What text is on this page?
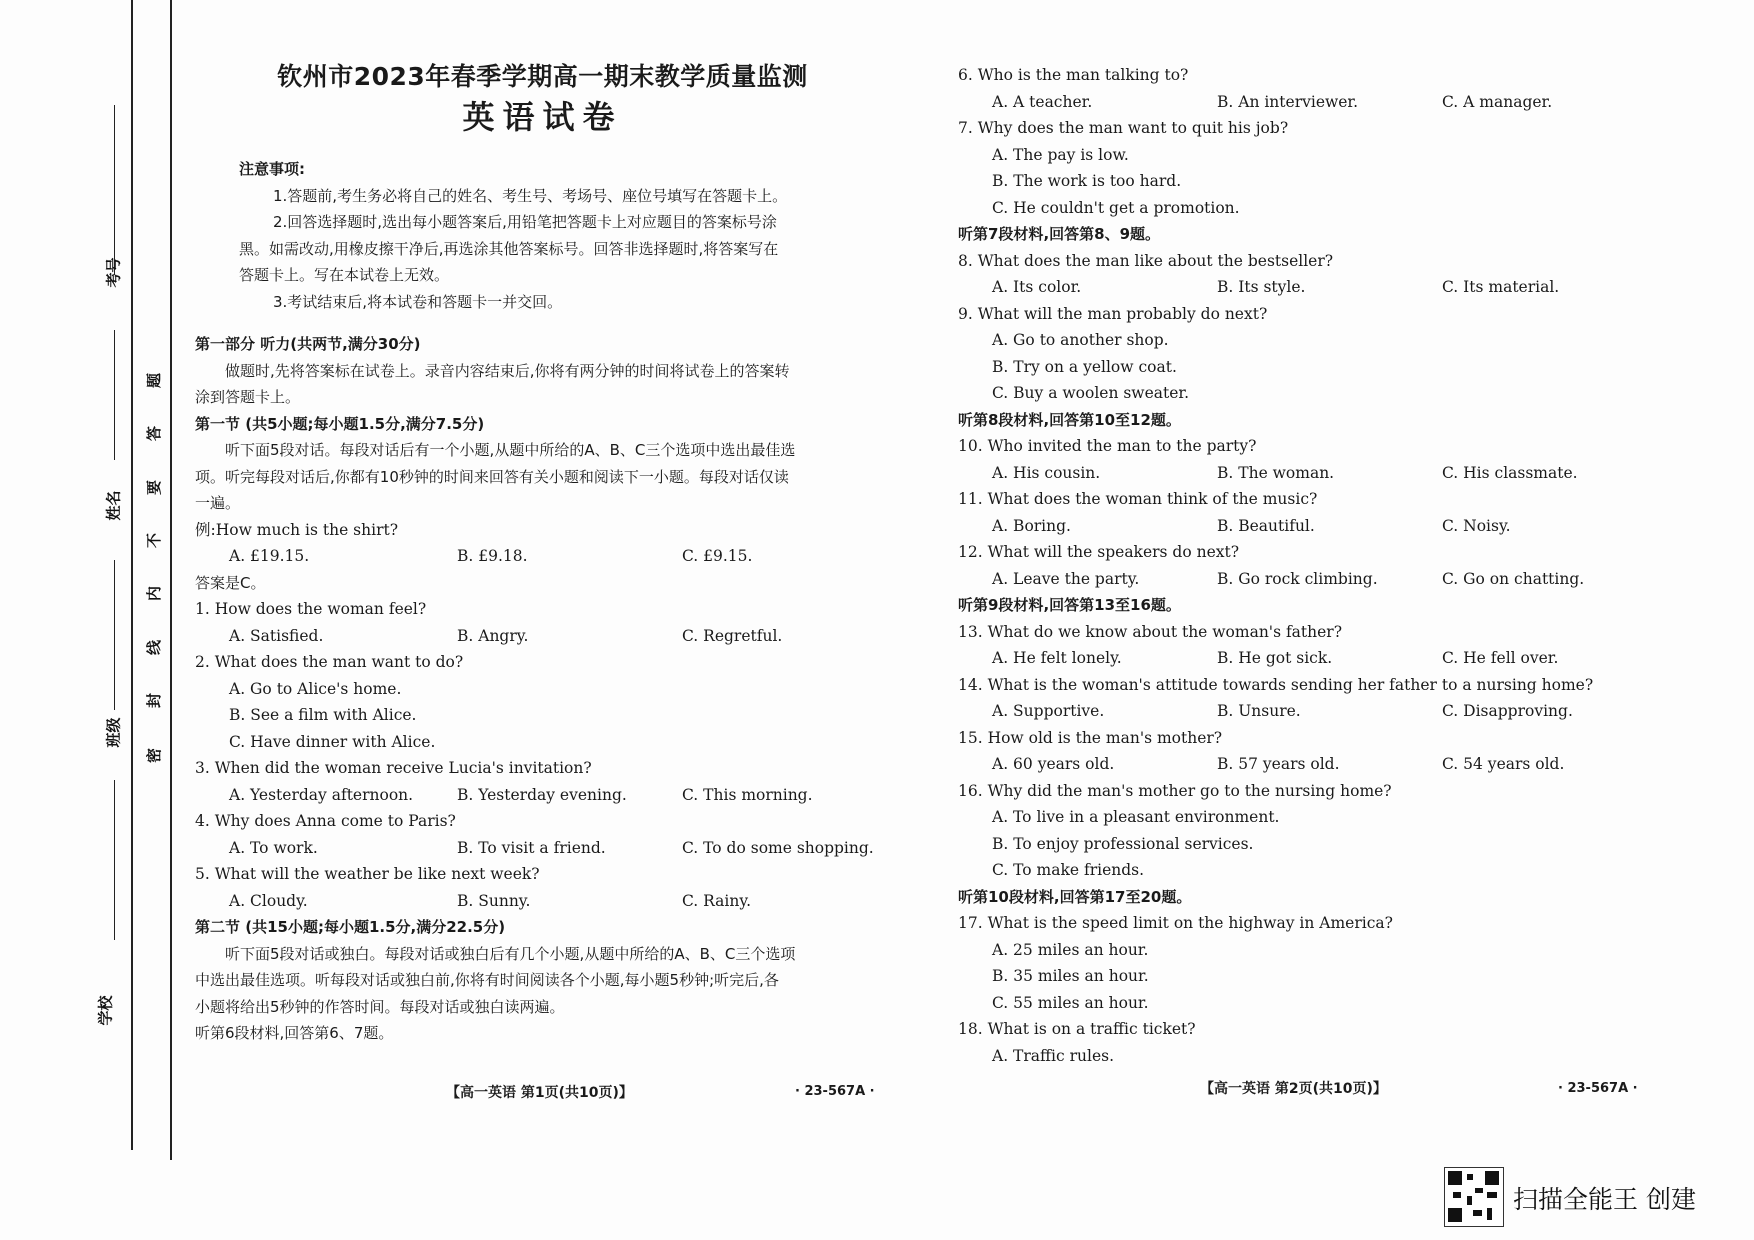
考号
姓名
班级
学校
题
答
要
不
内
线
封
密
钦州市2023年春季学期高一期末教学质量监测
英语试卷
注意事项:
1.答题前,考生务必将自己的姓名、考生号、考场号、座位号填写在答题卡上。
2.回答选择题时,选出每小题答案后,用铅笔把答题卡上对应题目的答案标号涂
黑。如需改动,用橡皮擦干净后,再选涂其他答案标号。回答非选择题时,将答案写在
答题卡上。写在本试卷上无效。
3.考试结束后,将本试卷和答题卡一并交回。
第一部分 听力(共两节,满分30分)
做题时,先将答案标在试卷上。录音内容结束后,你将有两分钟的时间将试卷上的答案转
涂到答题卡上。
第一节 (共5小题;每小题1.5分,满分7.5分)
听下面5段对话。每段对话后有一个小题,从题中所给的A、B、C三个选项中选出最佳选
项。听完每段对话后,你都有10秒钟的时间来回答有关小题和阅读下一小题。每段对话仅读
一遍。
例:How much is the shirt?
A. £19.15.	B. £9.18.	C. £9.15.
答案是C。
1. How does the woman feel?
A. Satisfied.	B. Angry.	C. Regretful.
2. What does the man want to do?
A. Go to Alice's home.
B. See a film with Alice.
C. Have dinner with Alice.
3. When did the woman receive Lucia's invitation?
A. Yesterday afternoon.	B. Yesterday evening.	C. This morning.
4. Why does Anna come to Paris?
A. To work.	B. To visit a friend.	C. To do some shopping.
5. What will the weather be like next week?
A. Cloudy.	B. Sunny.	C. Rainy.
第二节 (共15小题;每小题1.5分,满分22.5分)
听下面5段对话或独白。每段对话或独白后有几个小题,从题中所给的A、B、C三个选项
中选出最佳选项。听每段对话或独白前,你将有时间阅读各个小题,每小题5秒钟;听完后,各
小题将给出5秒钟的作答时间。每段对话或独白读两遍。
听第6段材料,回答第6、7题。
【高一英语 第1页(共10页)】	· 23-567A ·
6. Who is the man talking to?
A. A teacher.	B. An interviewer.	C. A manager.
7. Why does the man want to quit his job?
A. The pay is low.
B. The work is too hard.
C. He couldn't get a promotion.
听第7段材料,回答第8、9题。
8. What does the man like about the bestseller?
A. Its color.	B. Its style.	C. Its material.
9. What will the man probably do next?
A. Go to another shop.
B. Try on a yellow coat.
C. Buy a woolen sweater.
听第8段材料,回答第10至12题。
10. Who invited the man to the party?
A. His cousin.	B. The woman.	C. His classmate.
11. What does the woman think of the music?
A. Boring.	B. Beautiful.	C. Noisy.
12. What will the speakers do next?
A. Leave the party.	B. Go rock climbing.	C. Go on chatting.
听第9段材料,回答第13至16题。
13. What do we know about the woman's father?
A. He felt lonely.	B. He got sick.	C. He fell over.
14. What is the woman's attitude towards sending her father to a nursing home?
A. Supportive.	B. Unsure.	C. Disapproving.
15. How old is the man's mother?
A. 60 years old.	B. 57 years old.	C. 54 years old.
16. Why did the man's mother go to the nursing home?
A. To live in a pleasant environment.
B. To enjoy professional services.
C. To make friends.
听第10段材料,回答第17至20题。
17. What is the speed limit on the highway in America?
A. 25 miles an hour.
B. 35 miles an hour.
C. 55 miles an hour.
18. What is on a traffic ticket?
A. Traffic rules.
【高一英语 第2页(共10页)】	· 23-567A ·
扫描全能王 创建
